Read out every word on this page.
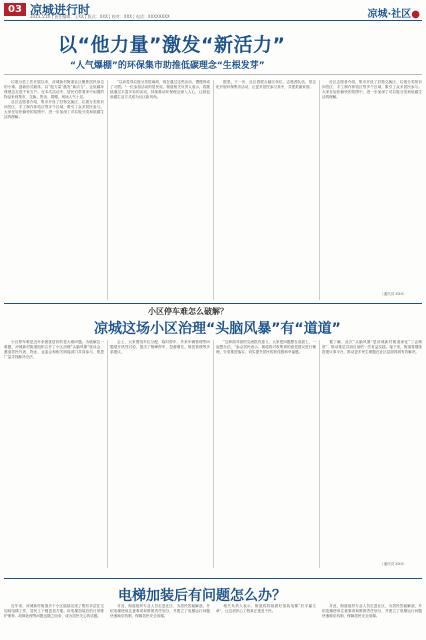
03 凉城进行时
2023.5.10 | 责任编辑：王XX | 版式：XXX | 校对：XXX | 电话：XXXXXXXX	凉城·社区●
以“他力量”激发“新活力”
“人气爆棚”的环保集市助推低碳理念“生根发芽”

垃圾分类工作开展以来，凉城新村街道社区聚焦居民身边的小事，创新形式载体，以“他力量”激发“新活力”，让低碳环保理念走进千家万户。在本次活动中，居民们带着家中闲置的物品来到集市，交换、售卖、捐赠，现场人气十足。

社区志愿者介绍，集市开设了旧物交换区、垃圾分类知识问答区、手工制作体验区等多个区域，吸引了众多居民参与。大家在轻松愉快的氛围中，进一步加深了对垃圾分类和低碳生活的理解。

“以前觉得垃圾分类很麻烦，现在通过这些活动，慢慢养成了习惯。”一位参加活动的居民说。街道相关负责人表示，将继续通过丰富多彩的活动，持续推动环保理念深入人心，让绿色低碳生活方式成为社区新风尚。

据悉，下一步，社区将联合辖区单位、志愿者队伍，常态化开展环保集市活动，让更多居民参与其中，共建美丽家园。

社区志愿者介绍，集市开设了旧物交换区、垃圾分类知识问答区、手工制作体验区等多个区域，吸引了众多居民参与。大家在轻松愉快的氛围中，进一步加深了对垃圾分类和低碳生活的理解。

（通讯员 XXX）
小区停车难怎么破解？
凉城这场小区治理“头脑风暴”有“道道”

小区停车难是近年来困扰居民的老大难问题。为破解这一难题，凉城新村街道组织召开了小区治理“头脑风暴”座谈会，邀请居民代表、物业、业委会和相关职能部门共同参与，集思广益寻找解决办法。

会上，大家围绕车位分配、临时停车、外来车辆管理等问题展开热烈讨论，提出了错峰停车、挖潜增位、规范管理等多条建议。

“这种面对面的交流很有意义，大家把问题摆在桌面上，一起想办法。”参会居民表示。街道将对收集到的意见建议进行梳理，分类推进落实，切实提升居民的获得感和幸福感。

据了解，此次“头脑风暴”是凉城新村街道深化“三会制度”、推动基层共治自治的一次有益实践。接下来，街道将继续搭建议事平台，推动更多民生难题在社区层面得到有效解决。

（通讯员 XXX）
电梯加装后有问题怎么办？

近年来，凉城新村街道多个小区陆续完成了既有多层住宅加装电梯工作，居民上下楼更加方便。但电梯加装后的日常维护保养、故障处理等问题也随之而来，成为居民关心的话题。

对此，街道组织专业人员走进社区，为居民答疑解惑，介绍电梯使用注意事项和维保责任划分，并建立了电梯运行问题快速响应机制，保障居民安全用梯。

相关负责人表示，街道将持续做好加装电梯“后半篇文章”，让这项民心工程真正惠及于民。

对此，街道组织专业人员走进社区，为居民答疑解惑，介绍电梯使用注意事项和维保责任划分，并建立了电梯运行问题快速响应机制，保障居民安全用梯。
